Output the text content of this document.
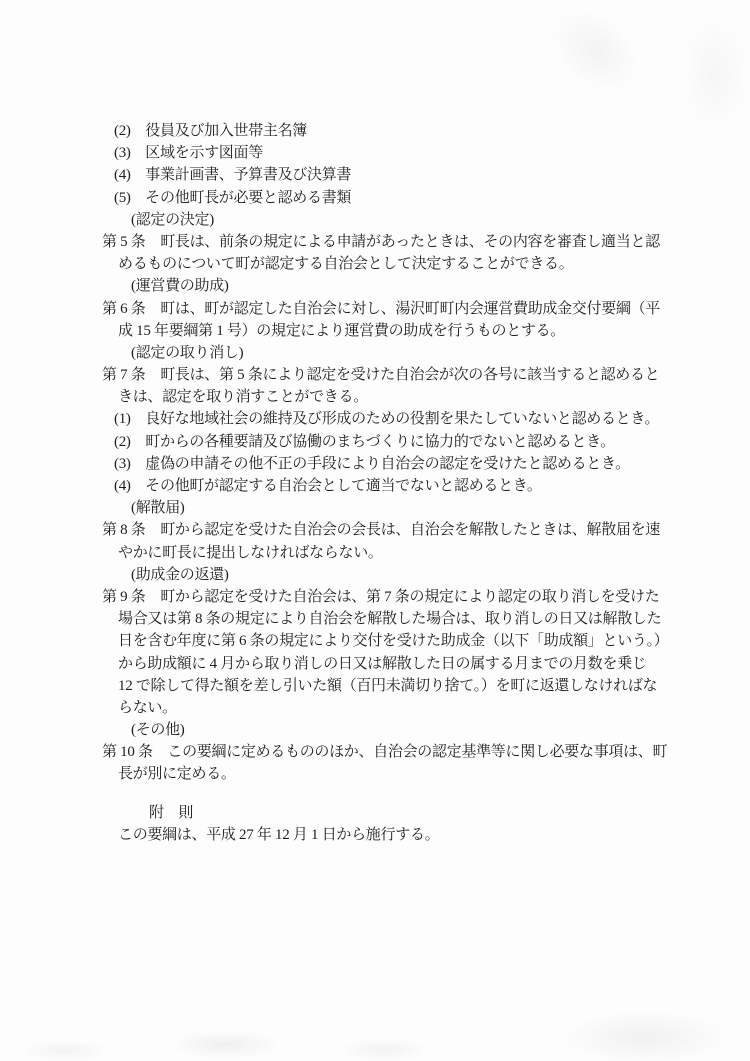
(2)　役員及び加入世帯主名簿
(3)　区域を示す図面等
(4)　事業計画書、予算書及び決算書
(5)　その他町長が必要と認める書類
(認定の決定)
第 5 条　町長は、前条の規定による申請があったときは、その内容を審査し適当と認
めるものについて町が認定する自治会として決定することができる。
(運営費の助成)
第 6 条　町は、町が認定した自治会に対し、湯沢町町内会運営費助成金交付要綱（平
成 15 年要綱第 1 号）の規定により運営費の助成を行うものとする。
(認定の取り消し)
第 7 条　町長は、第 5 条により認定を受けた自治会が次の各号に該当すると認めると
きは、認定を取り消すことができる。
(1)　良好な地域社会の維持及び形成のための役割を果たしていないと認めるとき。
(2)　町からの各種要請及び協働のまちづくりに協力的でないと認めるとき。
(3)　虚偽の申請その他不正の手段により自治会の認定を受けたと認めるとき。
(4)　その他町が認定する自治会として適当でないと認めるとき。
(解散届)
第 8 条　町から認定を受けた自治会の会長は、自治会を解散したときは、解散届を速
やかに町長に提出しなければならない。
(助成金の返還)
第 9 条　町から認定を受けた自治会は、第 7 条の規定により認定の取り消しを受けた
場合又は第 8 条の規定により自治会を解散した場合は、取り消しの日又は解散した
日を含む年度に第 6 条の規定により交付を受けた助成金（以下「助成額」という。）
から助成額に 4 月から取り消しの日又は解散した日の属する月までの月数を乗じ
12 で除して得た額を差し引いた額（百円未満切り捨て。）を町に返還しなければな
らない。
(その他)
第 10 条　この要綱に定めるもののほか、自治会の認定基準等に関し必要な事項は、町
長が別に定める。
附　則
この要綱は、平成 27 年 12 月 1 日から施行する。
